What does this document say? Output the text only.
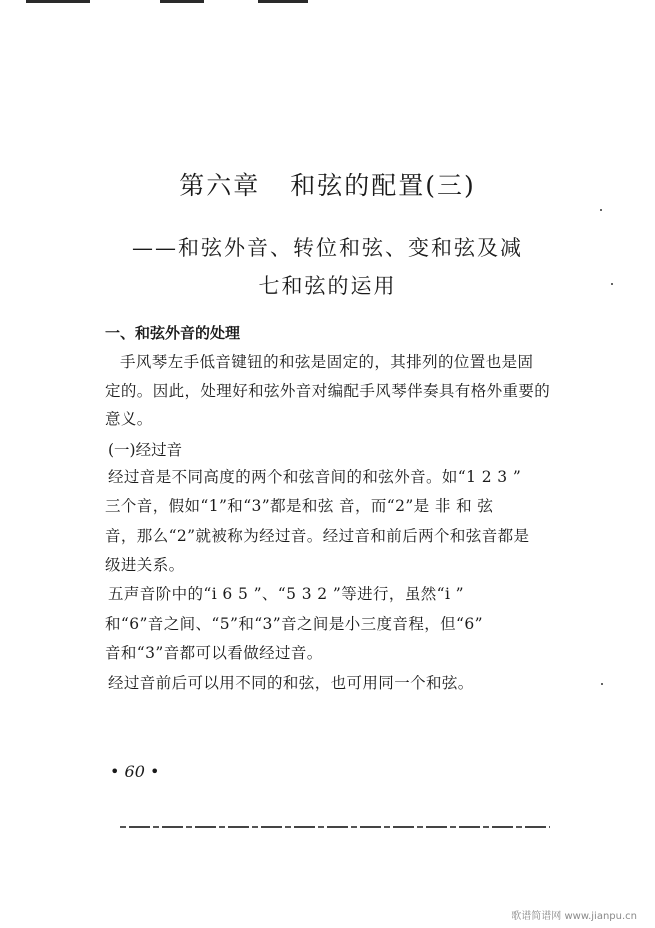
第六章 和弦的配置(三)
——和弦外音、转位和弦、变和弦及减
七和弦的运用
一、和弦外音的处理
手风琴左手低音键钮的和弦是固定的，其排列的位置也是固
定的。因此，处理好和弦外音对编配手风琴伴奏具有格外重要的
意义。
(一)经过音
经过音是不同高度的两个和弦音间的和弦外音。如“1 2 3 ”
三个音，假如“1”和“3”都是和弦 音，而“2”是 非 和 弦
音，那么“2”就被称为经过音。经过音和前后两个和弦音都是
级进关系。
五声音阶中的“i 6 5 ”、“5 3 2 ”等进行，虽然“i ”
和“6”音之间、“5”和“3”音之间是小三度音程，但“6”
音和“3”音都可以看做经过音。
经过音前后可以用不同的和弦，也可用同一个和弦。
• 60 •
歌谱简谱网 www.jianpu.cn
